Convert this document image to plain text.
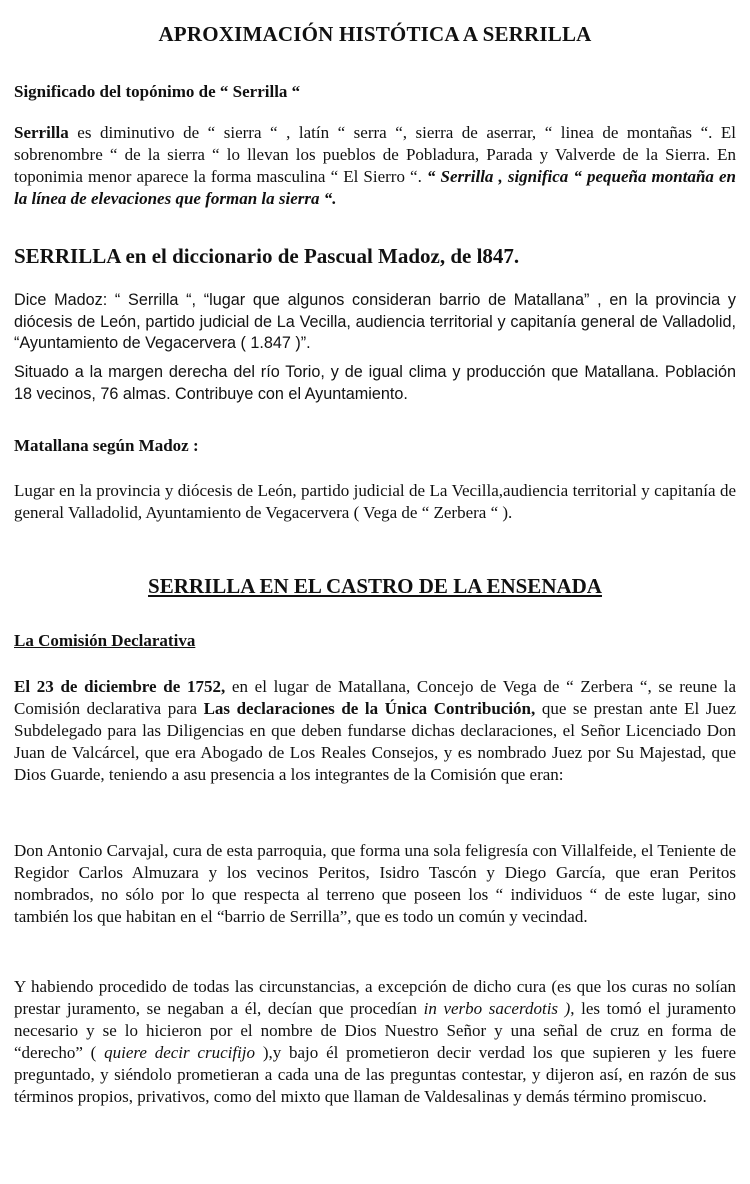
APROXIMACIÓN HISTÓTICA A SERRILLA
Significado del topónimo de “ Serrilla “

Serrilla es diminutivo de “ sierra “ , latín “ serra “, sierra de aserrar, “ linea de montañas “. El sobrenombre “ de la sierra “ lo llevan los pueblos de Pobladura, Parada y Valverde de la Sierra. En toponimia menor aparece la forma masculina “ El Sierro “. “ Serrilla , significa “ pequeña montaña en la línea de elevaciones que forman la sierra “.

SERRILLA en el diccionario de Pascual Madoz, de l847.

Dice Madoz: “ Serrilla “, “lugar que algunos consideran barrio de Matallana” , en la provincia y diócesis de León, partido judicial de La Vecilla, audiencia territorial y capitanía general de Valladolid, “Ayuntamiento de Vegacervera ( 1.847 )”.

Situado a la margen derecha del río Torio, y de igual clima y producción que Matallana. Población 18 vecinos, 76 almas. Contribuye con el Ayuntamiento.

Matallana según Madoz :

Lugar en la provincia y diócesis de León, partido judicial de La Vecilla,audiencia territorial y capitanía de general Valladolid, Ayuntamiento de Vegacervera ( Vega de “ Zerbera “ ).

SERRILLA EN EL CASTRO DE LA ENSENADA
La Comisión Declarativa

El 23 de diciembre de 1752, en el lugar de Matallana, Concejo de Vega de “ Zerbera “, se reune la Comisión declarativa para Las declaraciones de la Única Contribución, que se prestan ante El Juez Subdelegado para las Diligencias en que deben fundarse dichas declaraciones, el Señor Licenciado Don Juan de Valcárcel, que era Abogado de Los Reales Consejos, y es nombrado Juez por Su Majestad, que Dios Guarde, teniendo a asu presencia a los integrantes de la Comisión que eran:

Don Antonio Carvajal, cura de esta parroquia, que forma una sola feligresía con Villalfeide, el Teniente de Regidor Carlos Almuzara y los vecinos Peritos, Isidro Tascón y Diego García, que eran Peritos nombrados, no sólo por lo que respecta al terreno que poseen los “ individuos “ de este lugar, sino también los que habitan en el “barrio de Serrilla”, que es todo un común y vecindad.

Y habiendo procedido de todas las circunstancias, a excepción de dicho cura (es que los curas no solían prestar juramento, se negaban a él, decían que procedían in verbo sacerdotis ), les tomó el juramento necesario y se lo hicieron por el nombre de Dios Nuestro Señor y una señal de cruz en forma de “derecho” ( quiere decir crucifijo ),y bajo él prometieron decir verdad los que supieren y les fuere preguntado, y siéndolo prometieran a cada una de las preguntas contestar, y dijeron así, en razón de sus términos propios, privativos, como del mixto que llaman de Valdesalinas y demás término promiscuo.
